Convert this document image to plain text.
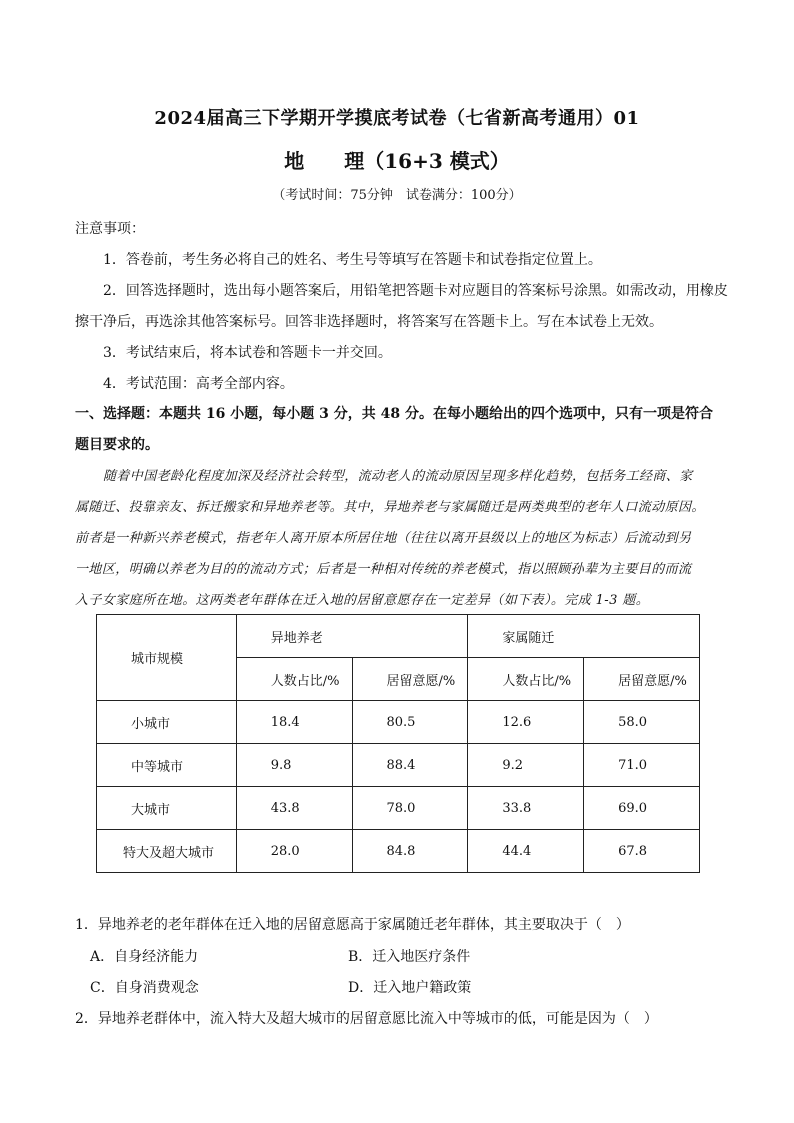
2024届高三下学期开学摸底考试卷（七省新高考通用）01
地 理（16+3 模式）
（考试时间：75分钟　试卷满分：100分）
注意事项：
1．答卷前，考生务必将自己的姓名、考生号等填写在答题卡和试卷指定位置上。
2．回答选择题时，选出每小题答案后，用铅笔把答题卡对应题目的答案标号涂黑。如需改动，用橡皮
擦干净后，再选涂其他答案标号。回答非选择题时，将答案写在答题卡上。写在本试卷上无效。
3．考试结束后，将本试卷和答题卡一并交回。
4．考试范围：高考全部内容。
一、选择题：本题共 16 小题，每小题 3 分，共 48 分。在每小题给出的四个选项中，只有一项是符合
题目要求的。
随着中国老龄化程度加深及经济社会转型，流动老人的流动原因呈现多样化趋势，包括务工经商、家
属随迁、投靠亲友、拆迁搬家和异地养老等。其中，异地养老与家属随迁是两类典型的老年人口流动原因。
前者是一种新兴养老模式，指老年人离开原本所居住地（往往以离开县级以上的地区为标志）后流动到另
一地区，明确以养老为目的的流动方式；后者是一种相对传统的养老模式，指以照顾孙辈为主要目的而流
入子女家庭所在地。这两类老年群体在迁入地的居留意愿存在一定差异（如下表）。完成 1-3 题。
城市规模	异地养老		家属随迁	
	人数占比/%	居留意愿/%	人数占比/%	居留意愿/%
小城市	18.4	80.5	12.6	58.0
中等城市	9.8	88.4	9.2	71.0
大城市	43.8	78.0	33.8	69.0
特大及超大城市	28.0	84.8	44.4	67.8
1．异地养老的老年群体在迁入地的居留意愿高于家属随迁老年群体，其主要取决于（　）
A．自身经济能力	B．迁入地医疗条件
C．自身消费观念	D．迁入地户籍政策
2．异地养老群体中，流入特大及超大城市的居留意愿比流入中等城市的低，可能是因为（　）
